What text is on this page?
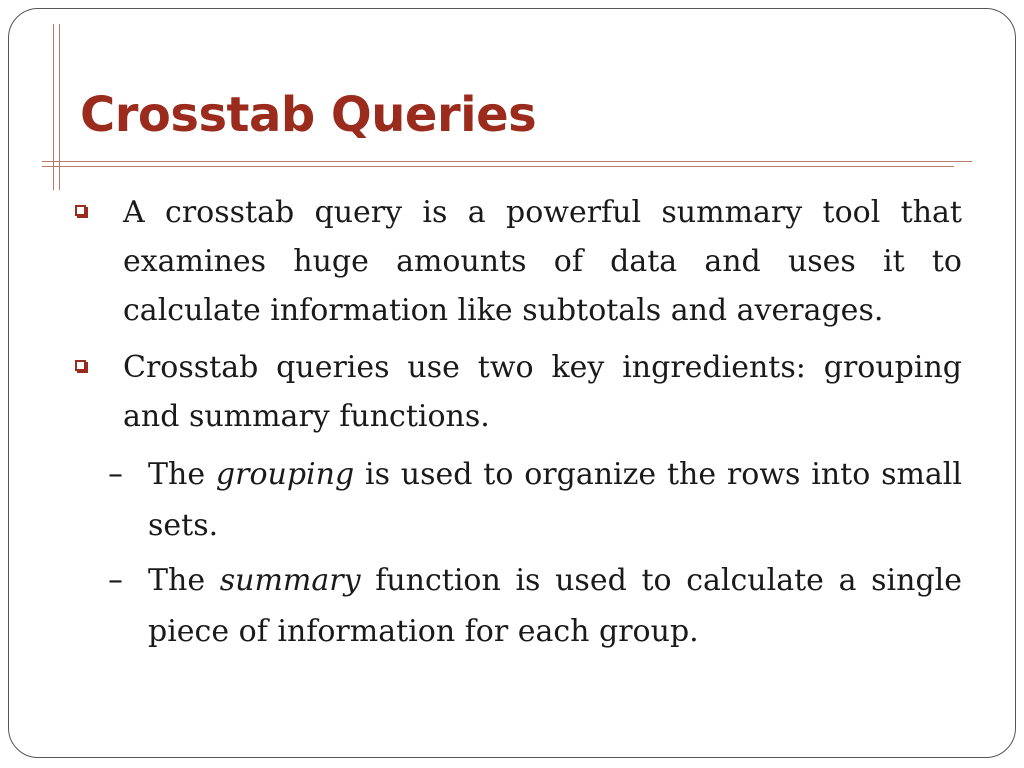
Crosstab Queries

A crosstab query is a powerful summary tool that examines huge amounts of data and uses it to calculate information like subtotals and averages.

Crosstab queries use two key ingredients: grouping and summary functions.

– The grouping is used to organize the rows into small sets.

– The summary function is used to calculate a single piece of information for each group.
